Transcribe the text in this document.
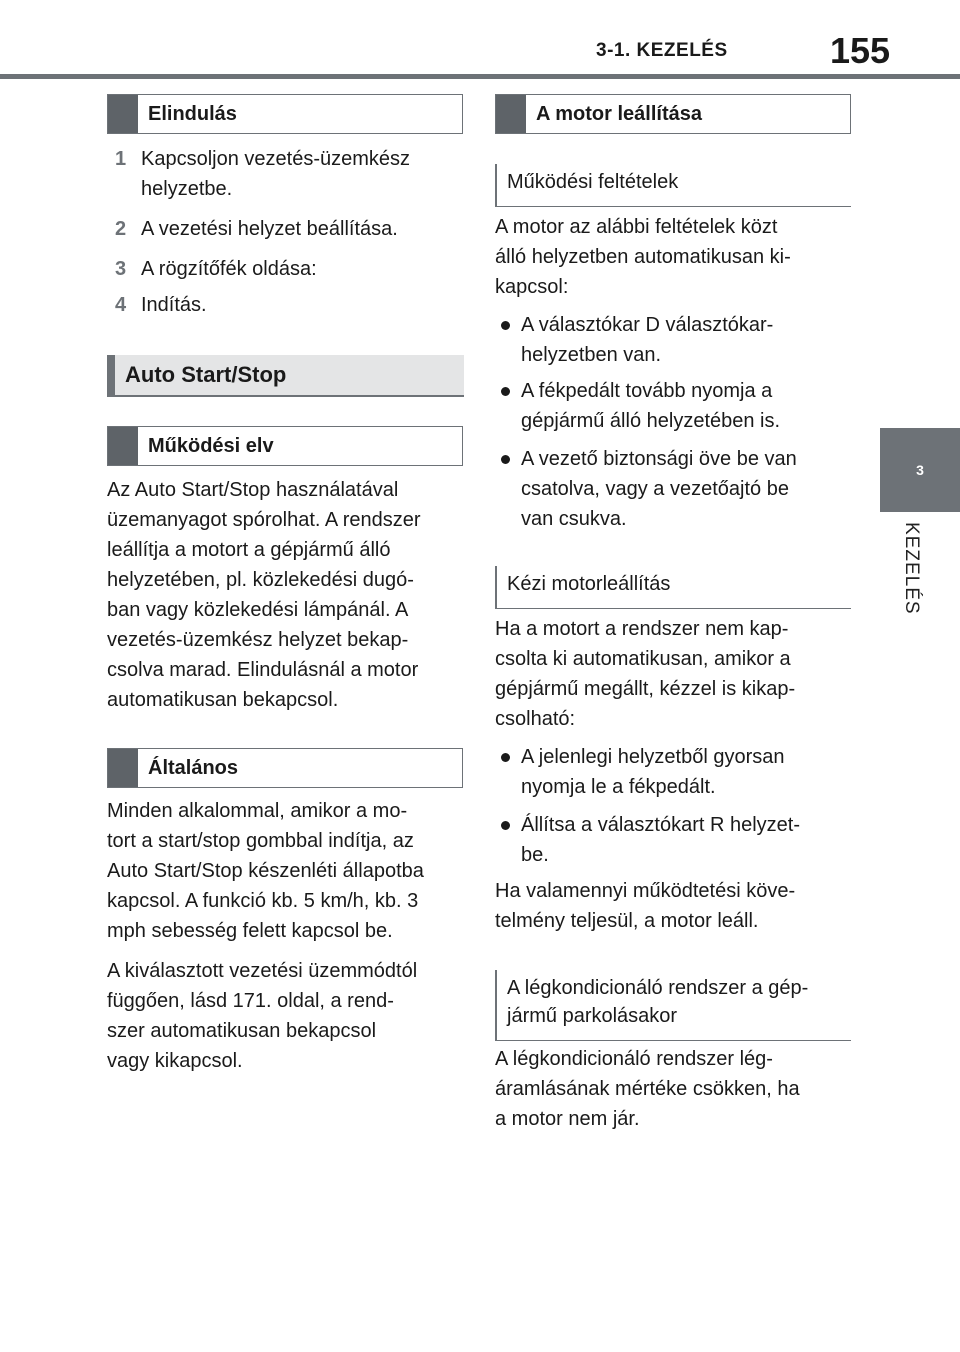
3-1. KEZELÉS	155
3
KEZELÉS
Elindulás
1 Kapcsoljon vezetés-üzemkész
helyzetbe.
2 A vezetési helyzet beállítása.
3 A rögzítőfék oldása:
4 Indítás.
Auto Start/Stop
Működési elv
Az Auto Start/Stop használatával
üzemanyagot spórolhat. A rendszer
leállítja a motort a gépjármű álló
helyzetében, pl. közlekedési dugó-
ban vagy közlekedési lámpánál. A
vezetés-üzemkész helyzet bekap-
csolva marad. Elindulásnál a motor
automatikusan bekapcsol.
Általános
Minden alkalommal, amikor a mo-
tort a start/stop gombbal indítja, az
Auto Start/Stop készenléti állapotba
kapcsol. A funkció kb. 5 km/h, kb. 3
mph sebesség felett kapcsol be.
A kiválasztott vezetési üzemmódtól
függően, lásd 171. oldal, a rend-
szer automatikusan bekapcsol
vagy kikapcsol.
A motor leállítása
Működési feltételek
A motor az alábbi feltételek közt
álló helyzetben automatikusan ki-
kapcsol:
A választókar D választókar-
helyzetben van.
A fékpedált tovább nyomja a
gépjármű álló helyzetében is.
A vezető biztonsági öve be van
csatolva, vagy a vezetőajtó be
van csukva.
Kézi motorleállítás
Ha a motort a rendszer nem kap-
csolta ki automatikusan, amikor a
gépjármű megállt, kézzel is kikap-
csolható:
A jelenlegi helyzetből gyorsan
nyomja le a fékpedált.
Állítsa a választókart R helyzet-
be.
Ha valamennyi működtetési köve-
telmény teljesül, a motor leáll.
A légkondicionáló rendszer a gép-
jármű parkolásakor
A légkondicionáló rendszer lég-
áramlásának mértéke csökken, ha
a motor nem jár.
